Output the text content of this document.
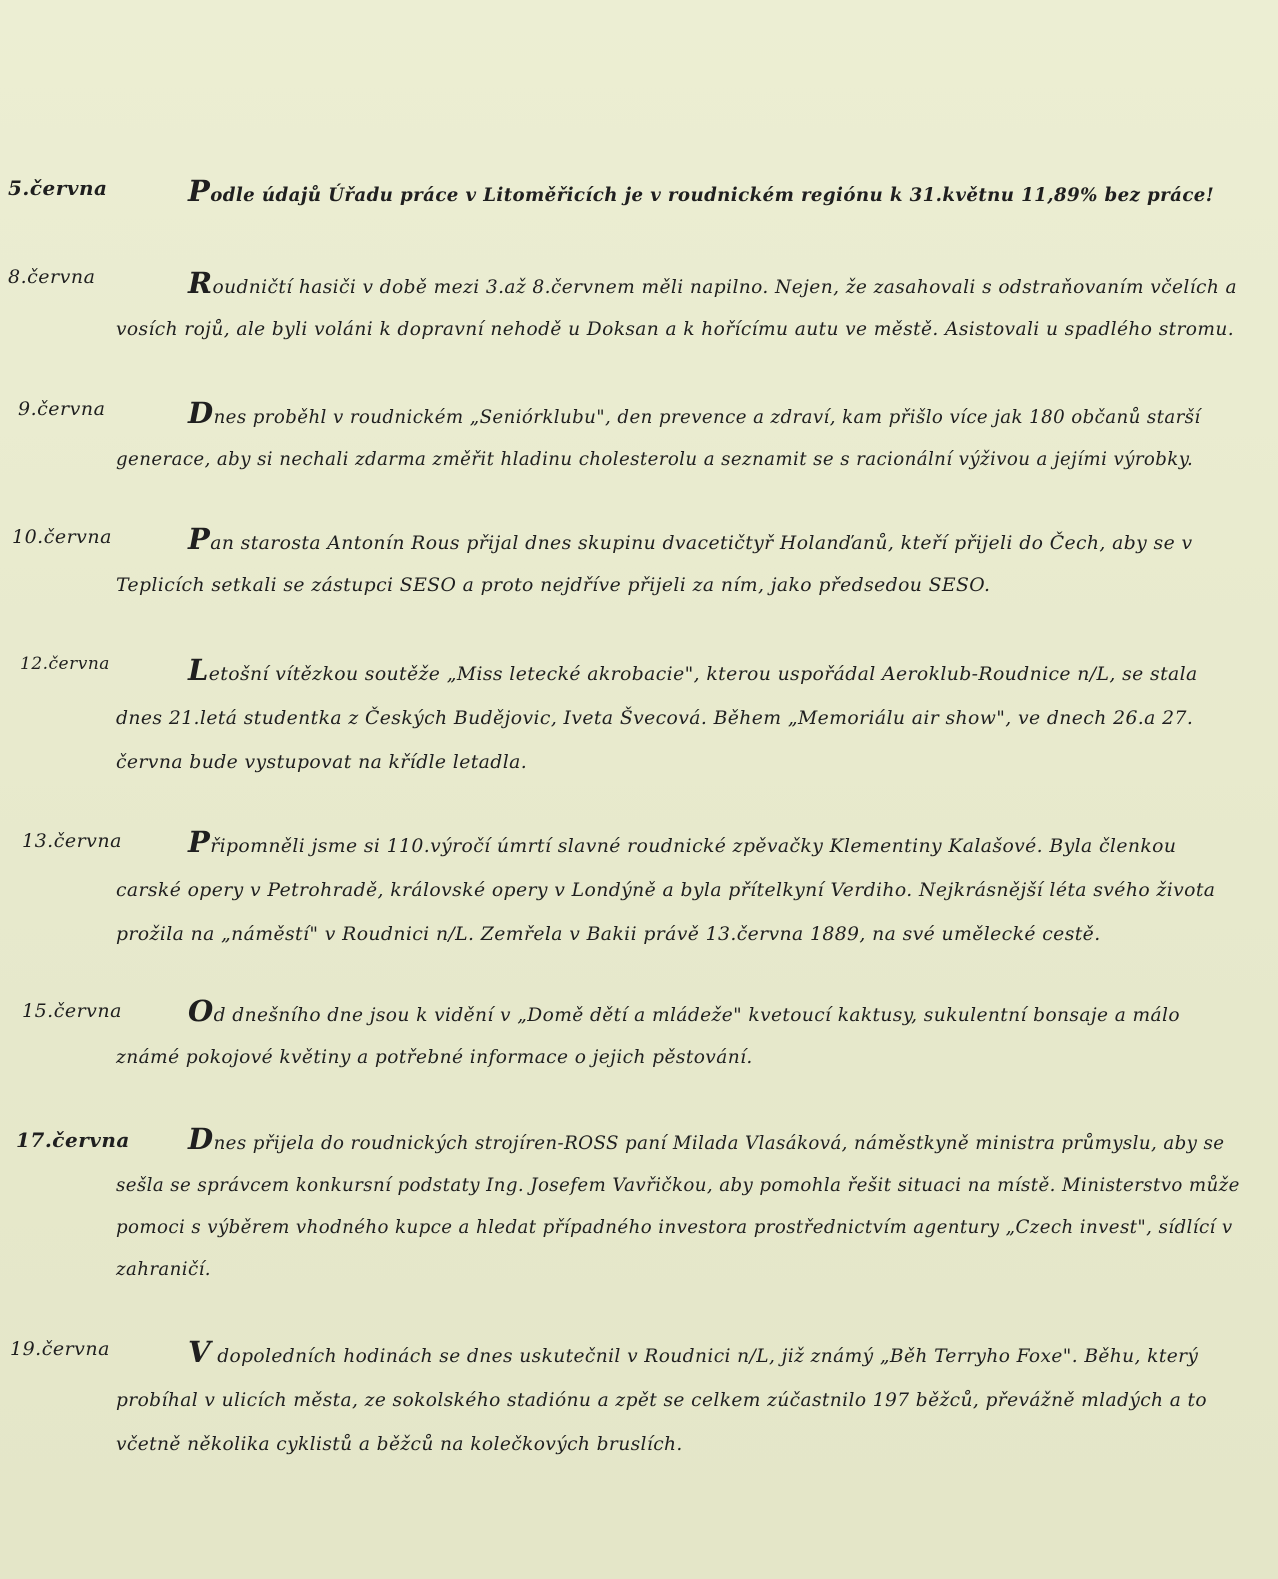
5.června	Podle údajů Úřadu práce v Litoměřicích je v roudnickém regiónu k 31.květnu 11,89% bez práce!
8.června	Roudničtí hasiči v době mezi 3.až 8.červnem měli napilno. Nejen, že zasahovali s odstraňovaním včelích a vosích rojů, ale byli voláni k dopravní nehodě u Doksan a k hořícímu autu ve městě. Asistovali u spadlého stromu.
9.června	Dnes proběhl v roudnickém „Seniórklubu", den prevence a zdraví, kam přišlo více jak 180 občanů starší generace, aby si nechali zdarma změřit hladinu cholesterolu a seznamit se s racionální výživou a jejími výrobky.
10.června	Pan starosta Antonín Rous přijal dnes skupinu dvacetičtyř Holanďanů, kteří přijeli do Čech, aby se v Teplicích setkali se zástupci SESO a proto nejdříve přijeli za ním, jako předsedou SESO.
12.června	Letošní vítězkou soutěže „Miss letecké akrobacie", kterou uspořádal Aeroklub-Roudnice n/L, se stala dnes 21.letá studentka z Českých Budějovic, Iveta Švecová. Během „Memoriálu air show", ve dnech 26.a 27. června bude vystupovat na křídle letadla.
13.června	Připomněli jsme si 110.výročí úmrtí slavné roudnické zpěvačky Klementiny Kalašové. Byla členkou carské opery v Petrohradě, královské opery v Londýně a byla přítelkyní Verdiho. Nejkrásnější léta svého života prožila na „náměstí" v Roudnici n/L. Zemřela v Bakii právě 13.června 1889, na své umělecké cestě.
15.června	Od dnešního dne jsou k vidění v „Domě dětí a mládeže" kvetoucí kaktusy, sukulentní bonsaje a málo známé pokojové květiny a potřebné informace o jejich pěstování.
17.června	Dnes přijela do roudnických strojíren-ROSS paní Milada Vlasáková, náměstkyně ministra průmyslu, aby se sešla se správcem konkursní podstaty Ing. Josefem Vavřičkou, aby pomohla řešit situaci na místě. Ministerstvo může pomoci s výběrem vhodného kupce a hledat případného investora prostřednictvím agentury „Czech invest", sídlící v zahraničí.
19.června	V dopoledních hodinách se dnes uskutečnil v Roudnici n/L, již známý „Běh Terryho Foxe". Běhu, který probíhal v ulicích města, ze sokolského stadiónu a zpět se celkem zúčastnilo 197 běžců, převážně mladých a to včetně několika cyklistů a běžců na kolečkových bruslích.
